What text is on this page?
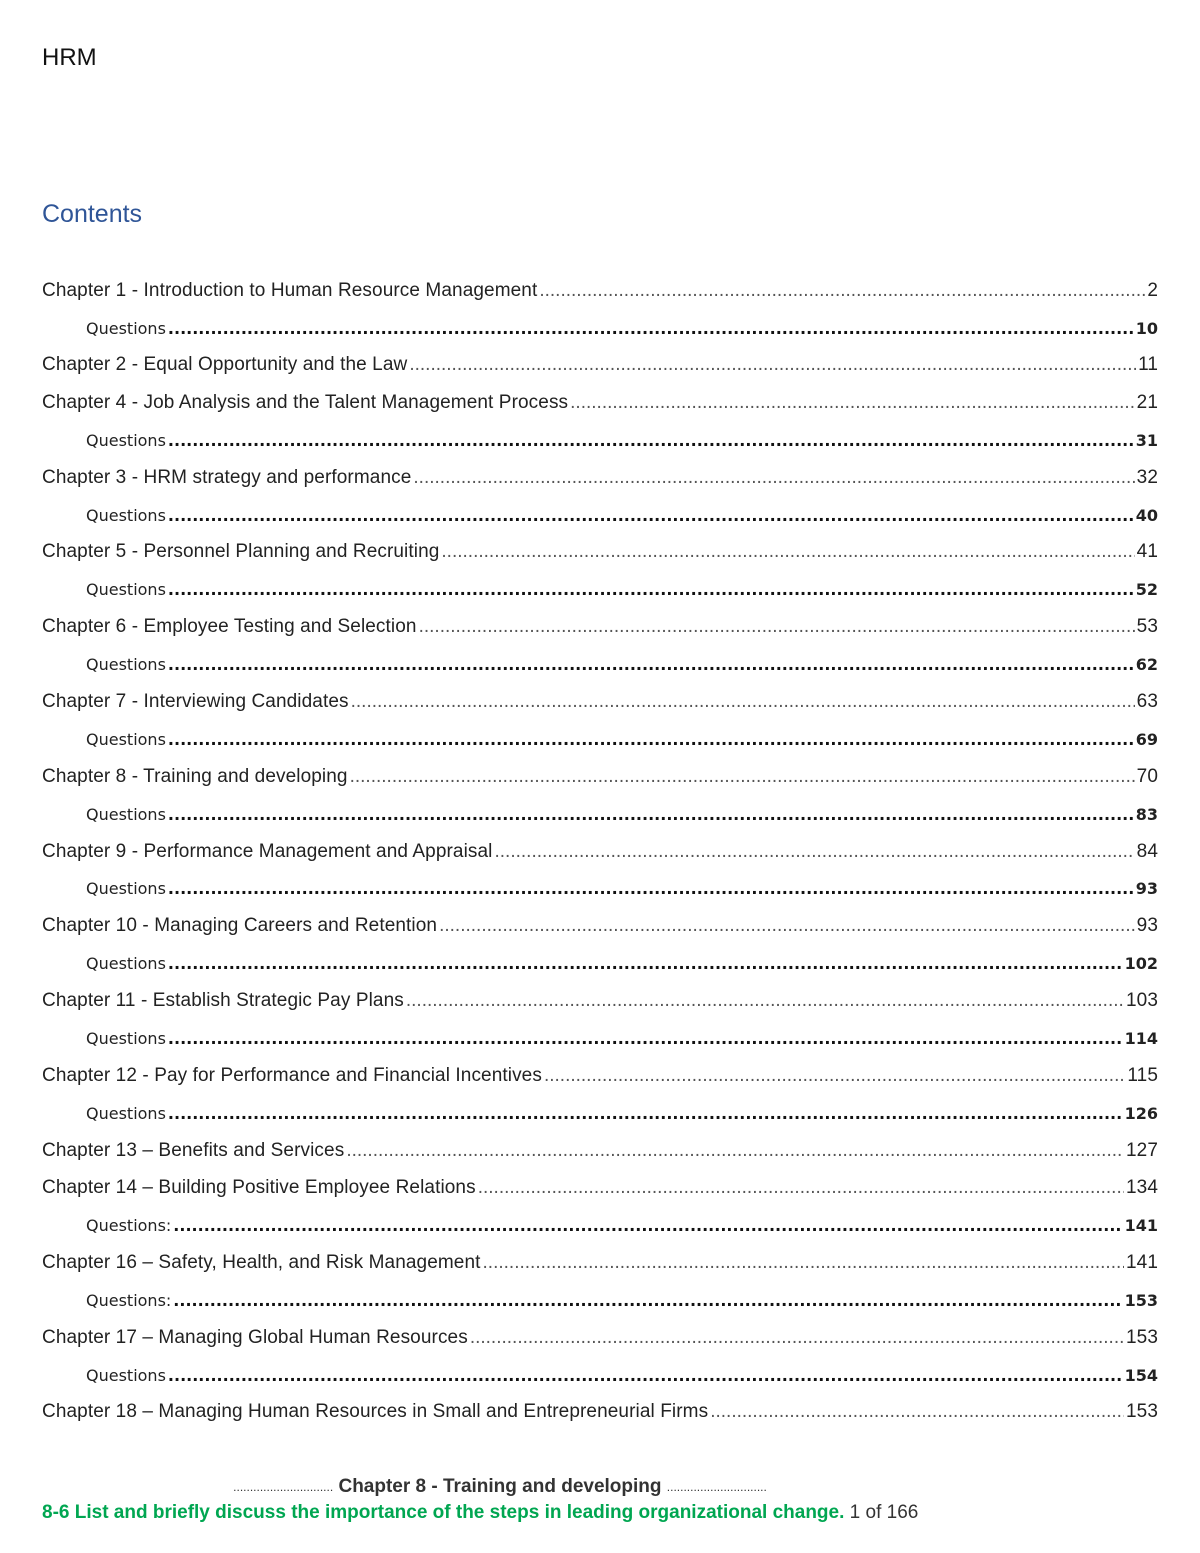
HRM
Contents
Chapter 1 - Introduction to Human Resource Management .....	2
Questions .....	10
Chapter 2 - Equal Opportunity and the Law .....	11
Chapter 4 - Job Analysis and the Talent Management Process .....	21
Questions .....	31
Chapter 3 - HRM strategy and performance .....	32
Questions .....	40
Chapter 5 - Personnel Planning and Recruiting .....	41
Questions .....	52
Chapter 6 - Employee Testing and Selection .....	53
Questions .....	62
Chapter 7 - Interviewing Candidates .....	63
Questions .....	69
Chapter 8 - Training and developing .....	70
Questions .....	83
Chapter 9 - Performance Management and Appraisal .....	84
Questions .....	93
Chapter 10 - Managing Careers and Retention .....	93
Questions .....	102
Chapter 11 - Establish Strategic Pay Plans .....	103
Questions .....	114
Chapter 12 - Pay for Performance and Financial Incentives .....	115
Questions .....	126
Chapter 13 – Benefits and Services .....	127
Chapter 14 – Building Positive Employee Relations .....	134
Questions: .....	141
Chapter 16 – Safety, Health, and Risk Management .....	141
Questions: .....	153
Chapter 17 – Managing Global Human Resources .....	153
Questions .....	154
Chapter 18 – Managing Human Resources in Small and Entrepreneurial Firms .....	153
.............................. Chapter 8 - Training and developing ..............................
8-6 List and briefly discuss the importance of the steps in leading organizational change. 1 of 166
